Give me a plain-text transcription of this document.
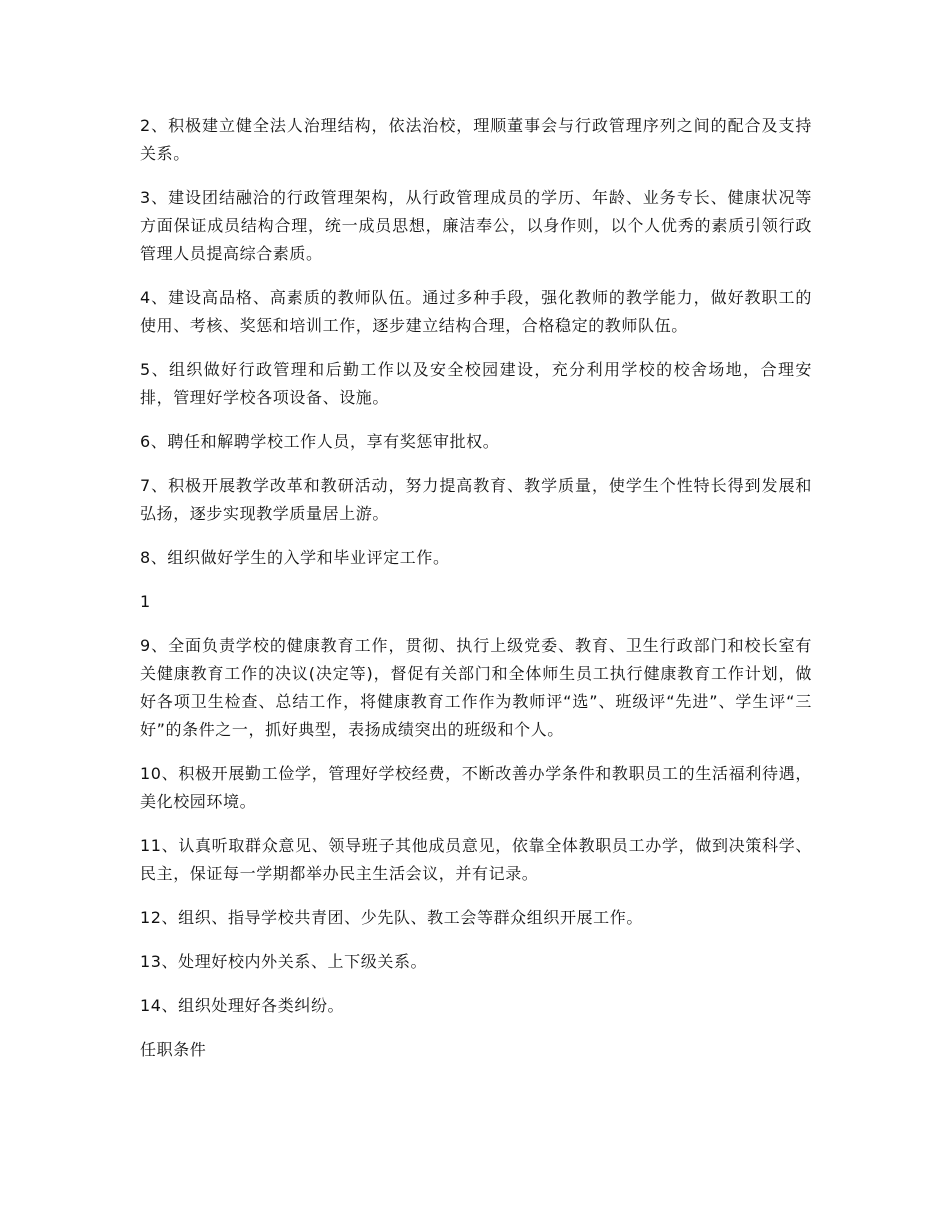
2、积极建立健全法人治理结构，依法治校，理顺董事会与行政管理序列之间的配合及支持关系。

3、建设团结融洽的行政管理架构，从行政管理成员的学历、年龄、业务专长、健康状况等方面保证成员结构合理，统一成员思想，廉洁奉公，以身作则，以个人优秀的素质引领行政管理人员提高综合素质。

4、建设高品格、高素质的教师队伍。通过多种手段，强化教师的教学能力，做好教职工的使用、考核、奖惩和培训工作，逐步建立结构合理，合格稳定的教师队伍。

5、组织做好行政管理和后勤工作以及安全校园建设，充分利用学校的校舍场地，合理安排，管理好学校各项设备、设施。

6、聘任和解聘学校工作人员，享有奖惩审批权。

7、积极开展教学改革和教研活动，努力提高教育、教学质量，使学生个性特长得到发展和弘扬，逐步实现教学质量居上游。

8、组织做好学生的入学和毕业评定工作。

1

9、全面负责学校的健康教育工作，贯彻、执行上级党委、教育、卫生行政部门和校长室有关健康教育工作的决议(决定等)，督促有关部门和全体师生员工执行健康教育工作计划，做好各项卫生检查、总结工作，将健康教育工作作为教师评“选”、班级评“先进”、学生评“三好”的条件之一，抓好典型，表扬成绩突出的班级和个人。

10、积极开展勤工俭学，管理好学校经费，不断改善办学条件和教职员工的生活福利待遇，美化校园环境。

11、认真听取群众意见、领导班子其他成员意见，依靠全体教职员工办学，做到决策科学、民主，保证每一学期都举办民主生活会议，并有记录。

12、组织、指导学校共青团、少先队、教工会等群众组织开展工作。

13、处理好校内外关系、上下级关系。

14、组织处理好各类纠纷。

任职条件
